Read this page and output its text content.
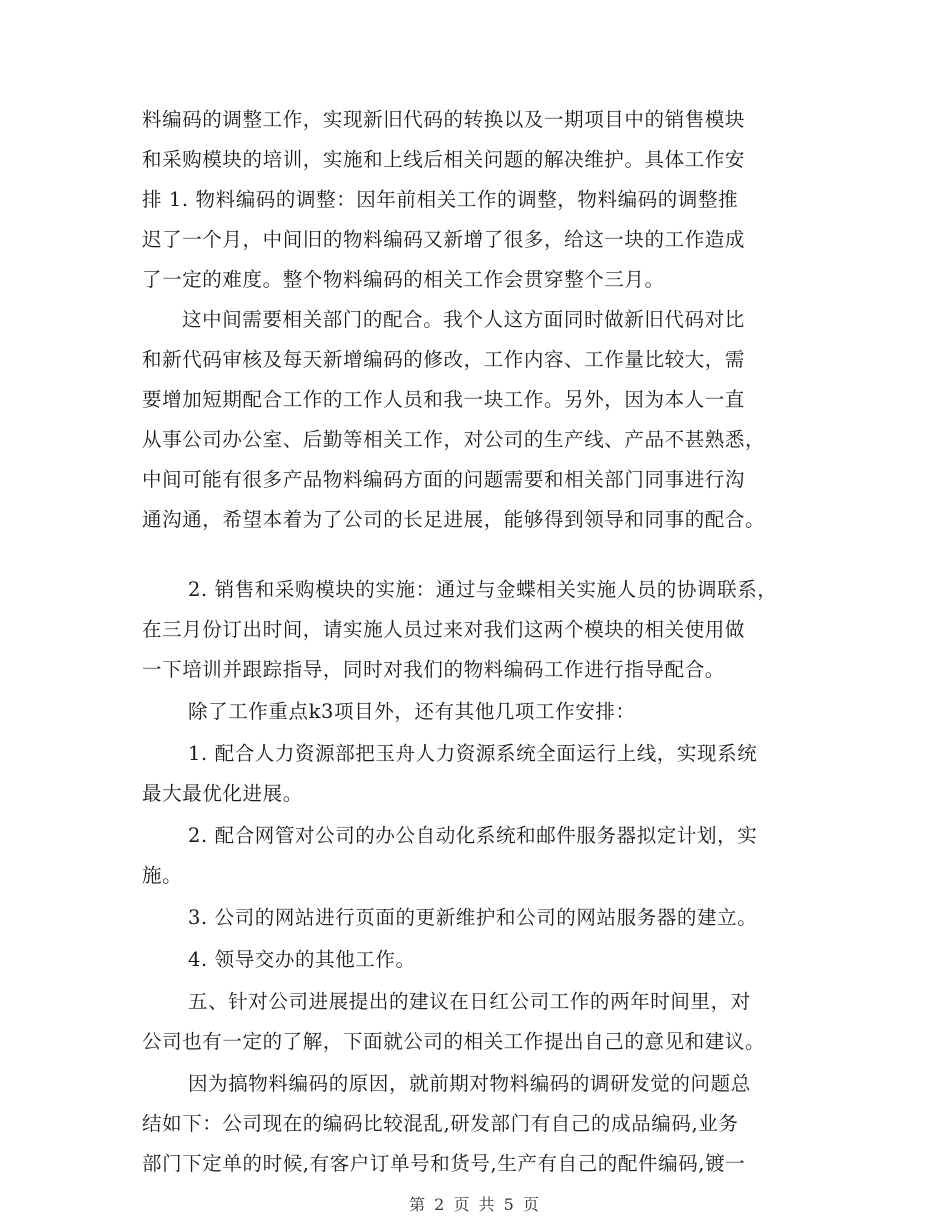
料编码的调整工作，实现新旧代码的转换以及一期项目中的销售模块
和采购模块的培训，实施和上线后相关问题的解决维护。具体工作安
排 1. 物料编码的调整：因年前相关工作的调整，物料编码的调整推
迟了一个月，中间旧的物料编码又新增了很多，给这一块的工作造成
了一定的难度。整个物料编码的相关工作会贯穿整个三月。
这中间需要相关部门的配合。我个人这方面同时做新旧代码对比
和新代码审核及每天新增编码的修改，工作内容、工作量比较大，需
要增加短期配合工作的工作人员和我一块工作。另外，因为本人一直
从事公司办公室、后勤等相关工作，对公司的生产线、产品不甚熟悉，
中间可能有很多产品物料编码方面的问题需要和相关部门同事进行沟
通沟通，希望本着为了公司的长足进展，能够得到领导和同事的配合。
2. 销售和采购模块的实施：通过与金蝶相关实施人员的协调联系，
在三月份订出时间，请实施人员过来对我们这两个模块的相关使用做
一下培训并跟踪指导，同时对我们的物料编码工作进行指导配合。
除了工作重点k3项目外，还有其他几项工作安排：
1. 配合人力资源部把玉舟人力资源系统全面运行上线，实现系统
最大最优化进展。
2. 配合网管对公司的办公自动化系统和邮件服务器拟定计划，实
施。
3. 公司的网站进行页面的更新维护和公司的网站服务器的建立。
4. 领导交办的其他工作。
五、针对公司进展提出的建议在日红公司工作的两年时间里，对
公司也有一定的了解，下面就公司的相关工作提出自己的意见和建议。
因为搞物料编码的原因，就前期对物料编码的调研发觉的问题总
结如下：公司现在的编码比较混乱,研发部门有自己的成品编码,业务
部门下定单的时候,有客户订单号和货号,生产有自己的配件编码,镀一
第 2 页 共 5 页
